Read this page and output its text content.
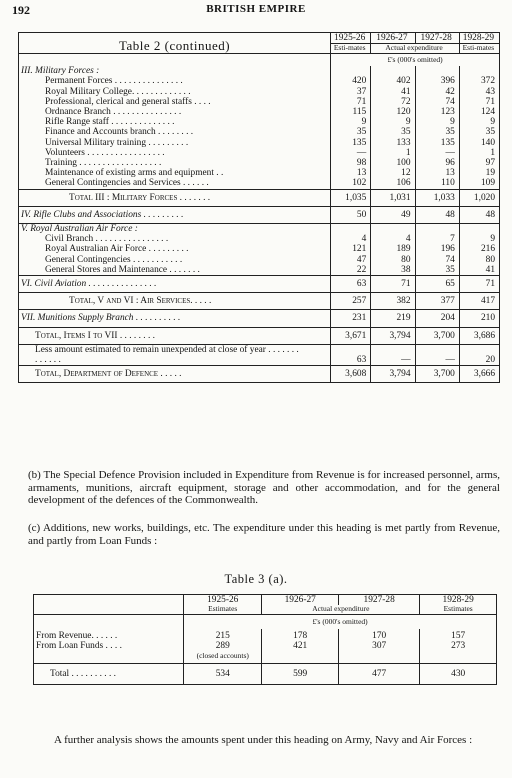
192	BRITISH EMPIRE
Table 2 (continued)	1925-26	1926-27	1927-28	1928-29
	Esti-mates	Actual expenditure		Esti-mates
	£'s (000's omitted)			
III. Military Forces :				
Permanent Forces . . . . . . . . . . . . . . .	420	402	396	372
Royal Military College. . . . . . . . . . . . .	37	41	42	43
Professional, clerical and general staffs . . . .	71	72	74	71
Ordnance Branch . . . . . . . . . . . . . . .	115	120	123	124
Rifle Range staff . . . . . . . . . . . . . .	9	9	9	9
Finance and Accounts branch . . . . . . . .	35	35	35	35
Universal Military training . . . . . . . . .	135	133	135	140
Volunteers . . . . . . . . . . . . . . . . .	—	1	—	1
Training . . . . . . . . . . . . . . . . . .	98	100	96	97
Maintenance of existing arms and equipment . .	13	12	13	19
General Contingencies and Services . . . . . .	102	106	110	109
Total III : Military Forces . . . . . . .	1,035	1,031	1,033	1,020
IV. Rifle Clubs and Associations . . . . . . . . .	50	49	48	48
V. Royal Australian Air Force :				
Civil Branch . . . . . . . . . . . . . . . .	4	4	7	9
Royal Australian Air Force . . . . . . . . .	121	189	196	216
General Contingencies . . . . . . . . . . .	47	80	74	80
General Stores and Maintenance . . . . . . .	22	38	35	41
VI. Civil Aviation . . . . . . . . . . . . . . .	63	71	65	71
Total, V and VI : Air Services. . . . .	257	382	377	417
VII. Munitions Supply Branch . . . . . . . . . .	231	219	204	210
Total, Items I to VII . . . . . . . .	3,671	3,794	3,700	3,686
Less amount estimated to remain unexpended at close of year . . . . . . . . . . . . .	63	—	—	20
Total, Department of Defence . . . . .	3,608	3,794	3,700	3,666
(b) The Special Defence Provision included in Expenditure from Revenue is for increased personnel, arms, armaments, munitions, aircraft equipment, storage and other accommodation, and for the general development of the defences of the Commonwealth.
(c) Additions, new works, buildings, etc. The expenditure under this heading is met partly from Revenue, and partly from Loan Funds :
Table 3 (a).
	1925-26	1926-27	1927-28	1928-29
	Estimates	Actual expenditure		Estimates
	£'s (000's omitted)			
From Revenue. . . . . .	215	178	170	157
From Loan Funds . . . .	289	421	307	273
	(closed accounts)			
Total . . . . . . . . . .	534	599	477	430
A further analysis shows the amounts spent under this heading on Army, Navy and Air Forces :
